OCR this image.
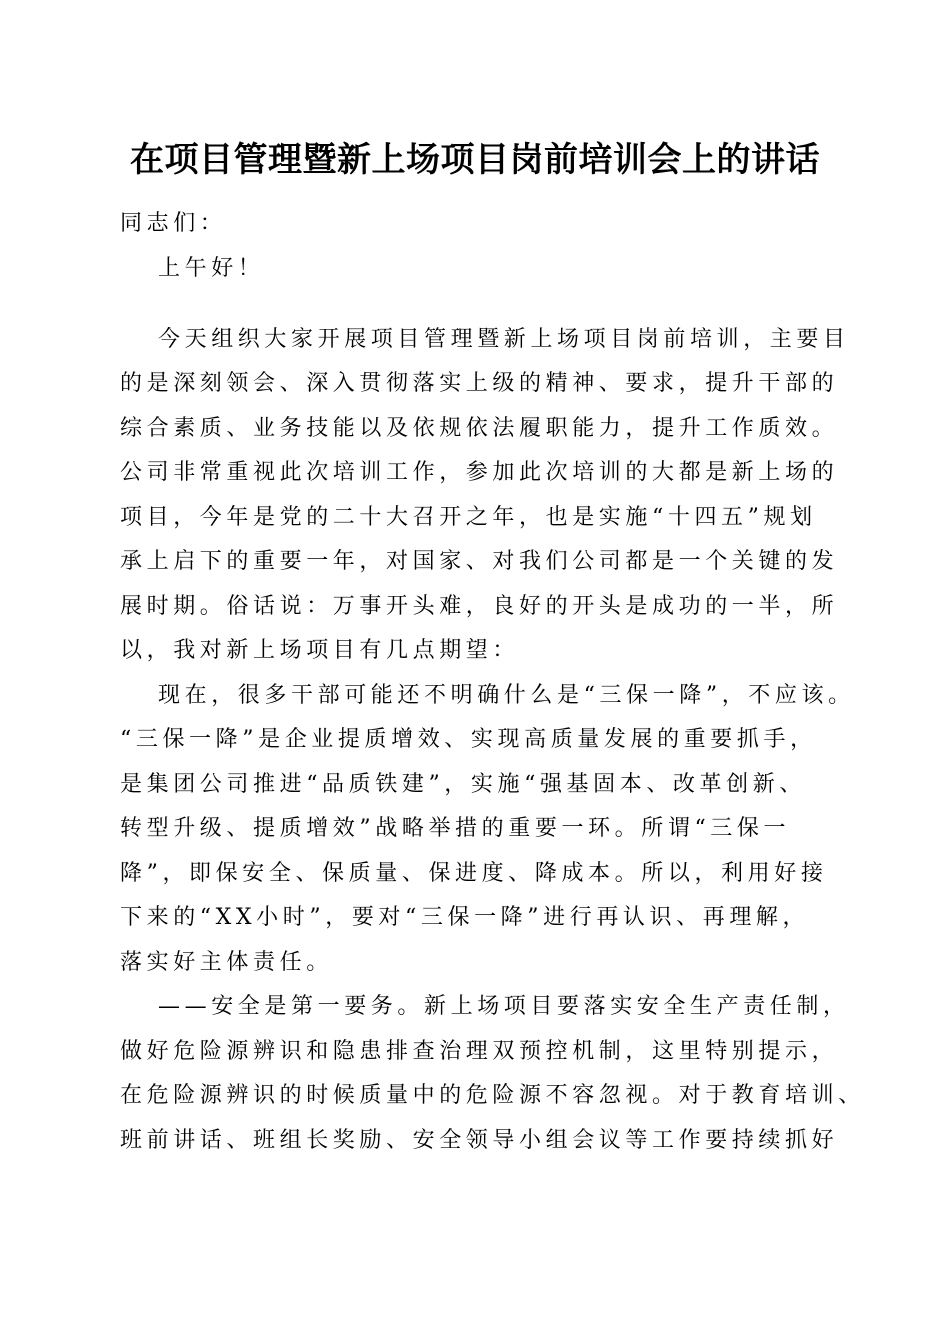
在项目管理暨新上场项目岗前培训会上的讲话
同志们：
上午好！
今天组织大家开展项目管理暨新上场项目岗前培训，主要目
的是深刻领会、深入贯彻落实上级的精神、要求，提升干部的
综合素质、业务技能以及依规依法履职能力，提升工作质效。
公司非常重视此次培训工作，参加此次培训的大都是新上场的
项目，今年是党的二十大召开之年，也是实施“十四五”规划
承上启下的重要一年，对国家、对我们公司都是一个关键的发
展时期。俗话说：万事开头难，良好的开头是成功的一半，所
以，我对新上场项目有几点期望：
现在，很多干部可能还不明确什么是“三保一降”，不应该。
“三保一降”是企业提质增效、实现高质量发展的重要抓手，
是集团公司推进“品质铁建”，实施“强基固本、改革创新、
转型升级、提质增效”战略举措的重要一环。所谓“三保一
降”，即保安全、保质量、保进度、降成本。所以，利用好接
下来的“XX小时”，要对“三保一降”进行再认识、再理解，
落实好主体责任。
——安全是第一要务。新上场项目要落实安全生产责任制，
做好危险源辨识和隐患排查治理双预控机制，这里特别提示，
在危险源辨识的时候质量中的危险源不容忽视。对于教育培训、
班前讲话、班组长奖励、安全领导小组会议等工作要持续抓好
